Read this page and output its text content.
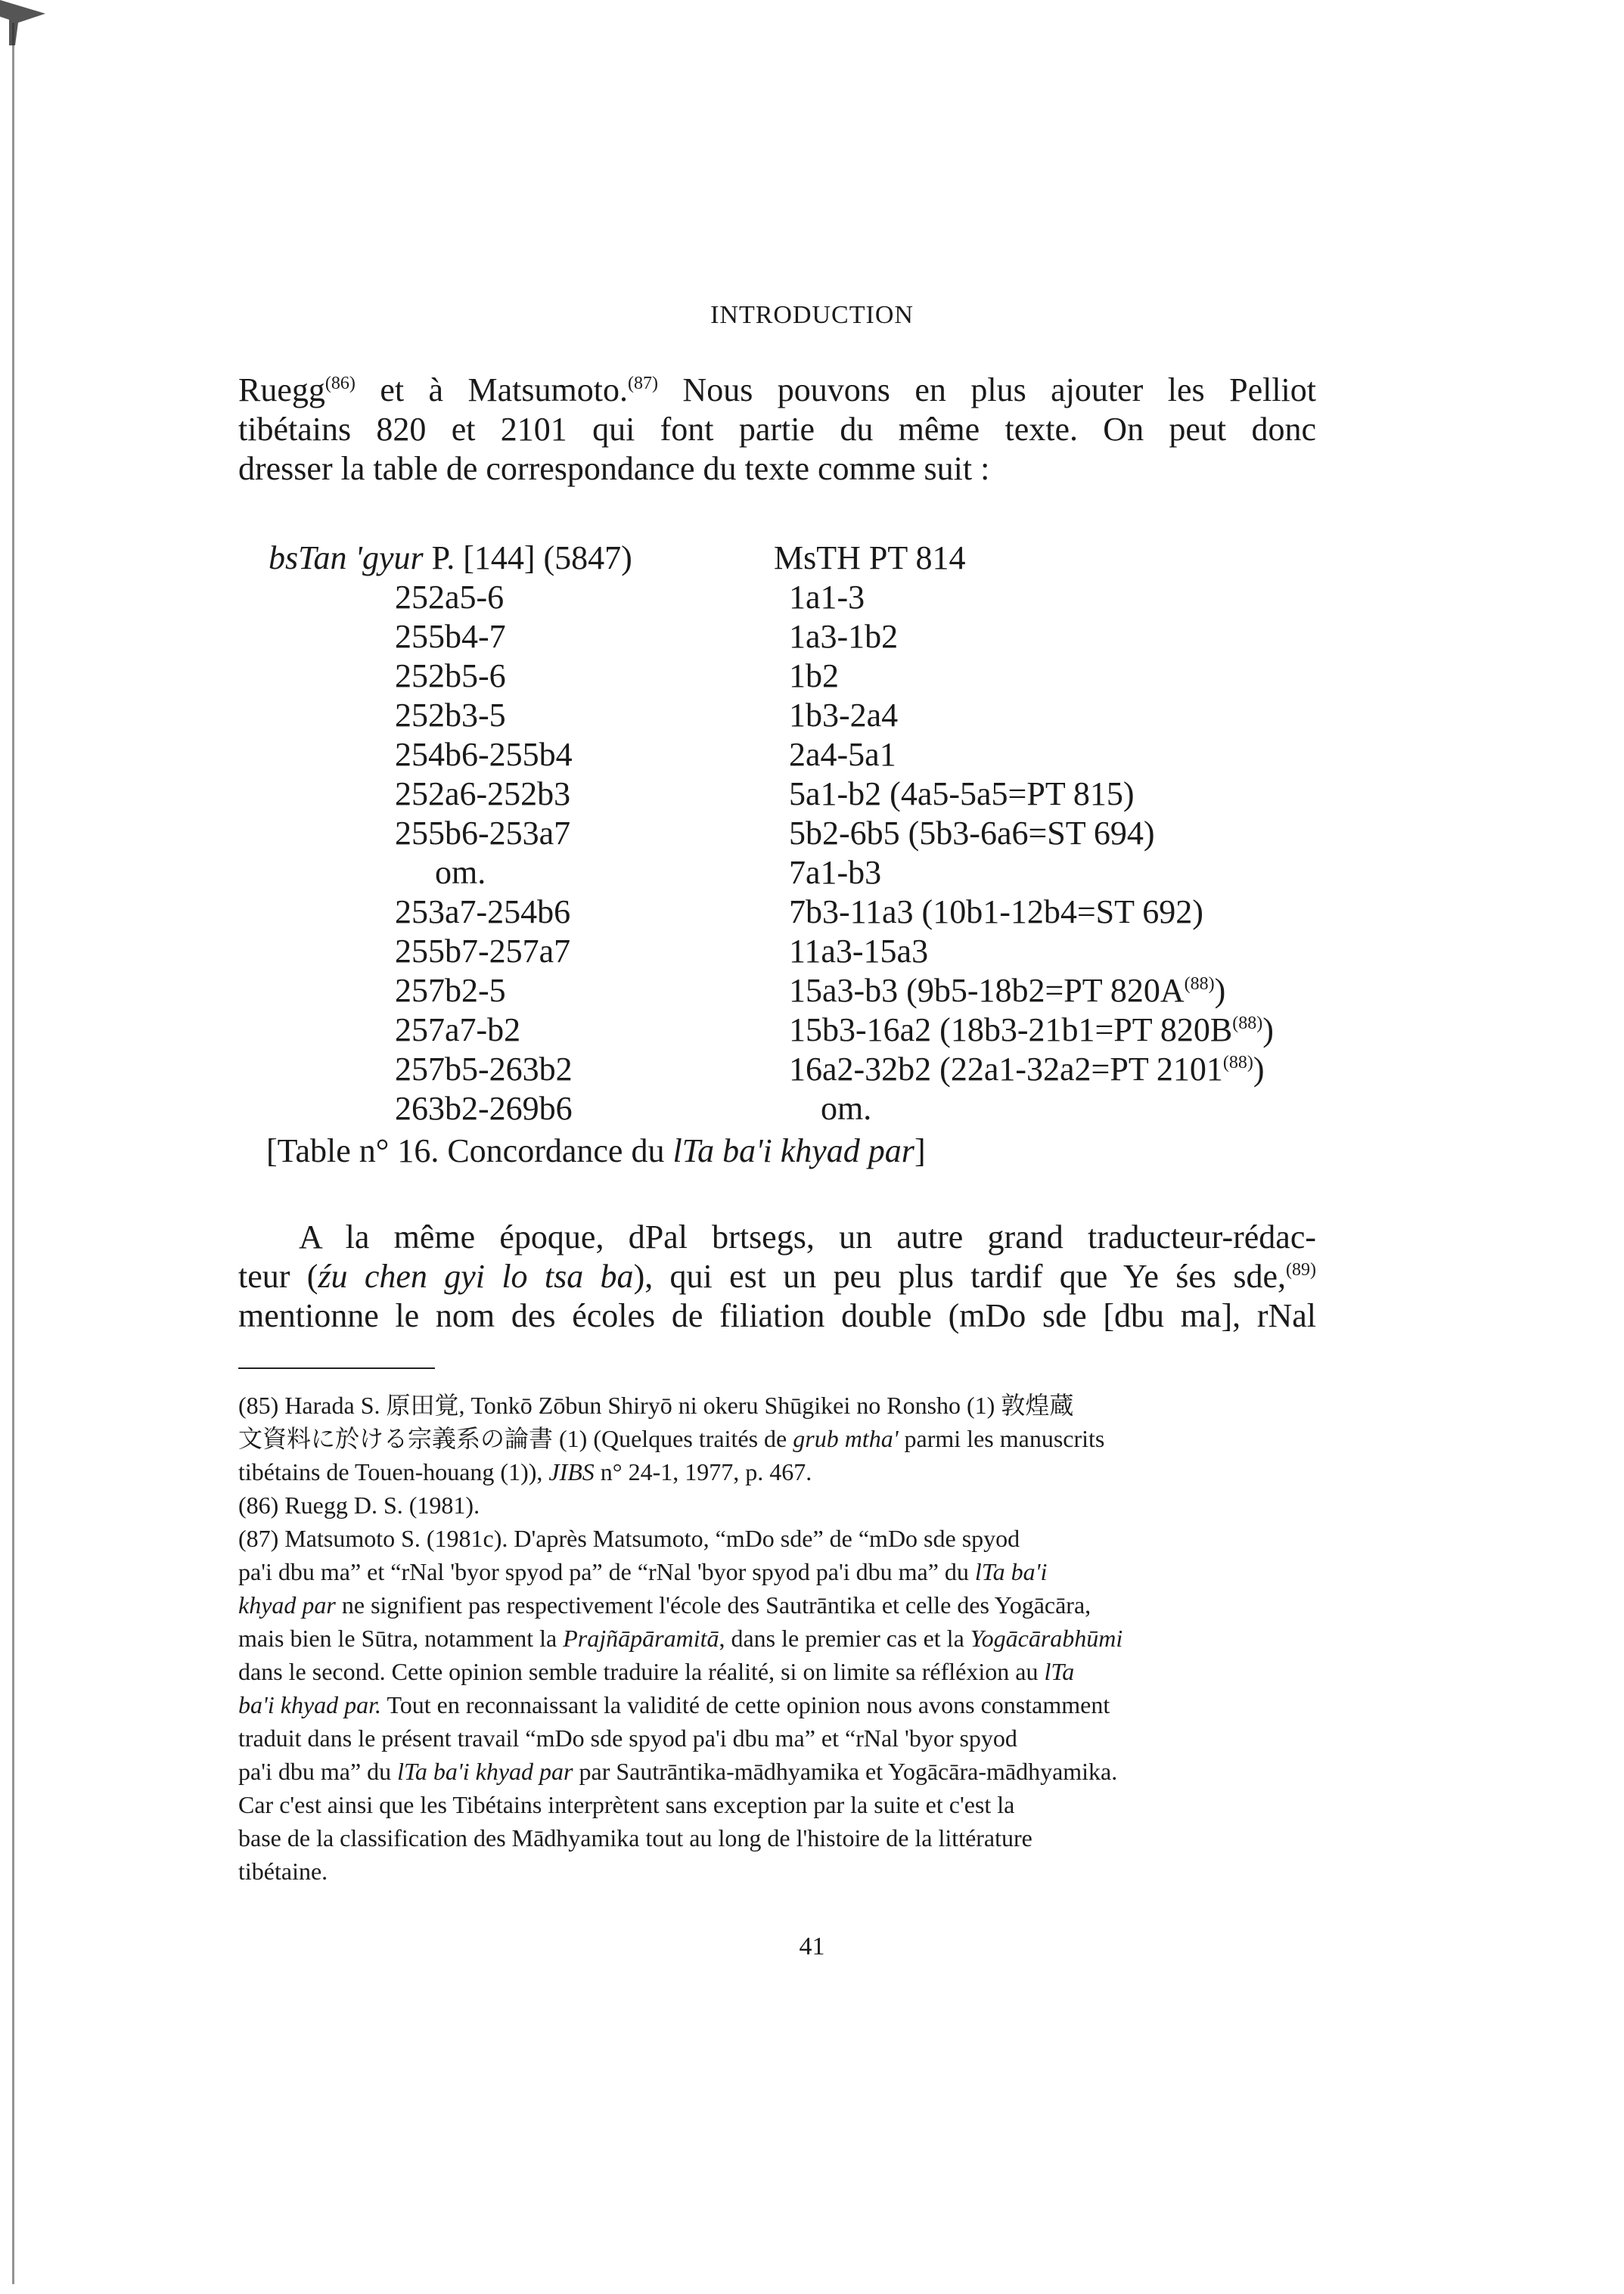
INTRODUCTION
Ruegg$^{(86)}$ et à Matsumoto.$^{(87)}$ Nous pouvons en plus ajouter les Pelliot
tibétains 820 et 2101 qui font partie du même texte. On peut donc
dresser la table de correspondance du texte comme suit :
bsTan 'gyur P. [144] (5847)	MsTH PT 814
252a5-6	1a1-3
255b4-7	1a3-1b2
252b5-6	1b2
252b3-5	1b3-2a4
254b6-255b4	2a4-5a1
252a6-252b3	5a1-b2 (4a5-5a5=PT 815)
255b6-253a7	5b2-6b5 (5b3-6a6=ST 694)
om.	7a1-b3
253a7-254b6	7b3-11a3 (10b1-12b4=ST 692)
255b7-257a7	11a3-15a3
257b2-5	15a3-b3 (9b5-18b2=PT $820A^{(88)}$)
257a7-b2	15b3-16a2 (18b3-21b1=PT $820B^{(88)}$)
257b5-263b2	16a2-32b2 (22a1-32a2=PT 2101$^{(88)}$)
263b2-269b6	om.
[Table n° 16. Concordance du lTa ba'i khyad par]
A la même époque, dPal brtsegs, un autre grand traducteur-rédac-
teur (źu chen gyi lo tsa ba), qui est un peu plus tardif que Ye śes sde,$^{(89)}$
mentionne le nom des écoles de filiation double (mDo sde [dbu ma], rNal
(85) Harada S. 原田覚, Tonkō Zōbun Shiryō ni okeru Shūgikei no Ronsho (1) 敦煌蔵
文資料に於ける宗義系の論書 (1) (Quelques traités de grub mtha' parmi les manuscrits
tibétains de Touen-houang (1)), JIBS n° 24-1, 1977, p. 467.
(86) Ruegg D. S. (1981).
(87) Matsumoto S. (1981c). D'après Matsumoto, “mDo sde” de “mDo sde spyod
pa'i dbu ma” et “rNal 'byor spyod pa” de “rNal 'byor spyod pa'i dbu ma” du lTa ba'i
khyad par ne signifient pas respectivement l'école des Sautrāntika et celle des Yogācāra,
mais bien le Sūtra, notamment la Prajñāpāramitā, dans le premier cas et la Yogācārabhūmi
dans le second. Cette opinion semble traduire la réalité, si on limite sa réfléxion au lTa
ba'i khyad par. Tout en reconnaissant la validité de cette opinion nous avons constamment
traduit dans le présent travail “mDo sde spyod pa'i dbu ma” et “rNal 'byor spyod
pa'i dbu ma” du lTa ba'i khyad par par Sautrāntika-mādhyamika et Yogācāra-mādhyamika.
Car c'est ainsi que les Tibétains interprètent sans exception par la suite et c'est la
base de la classification des Mādhyamika tout au long de l'histoire de la littérature
tibétaine.
41
